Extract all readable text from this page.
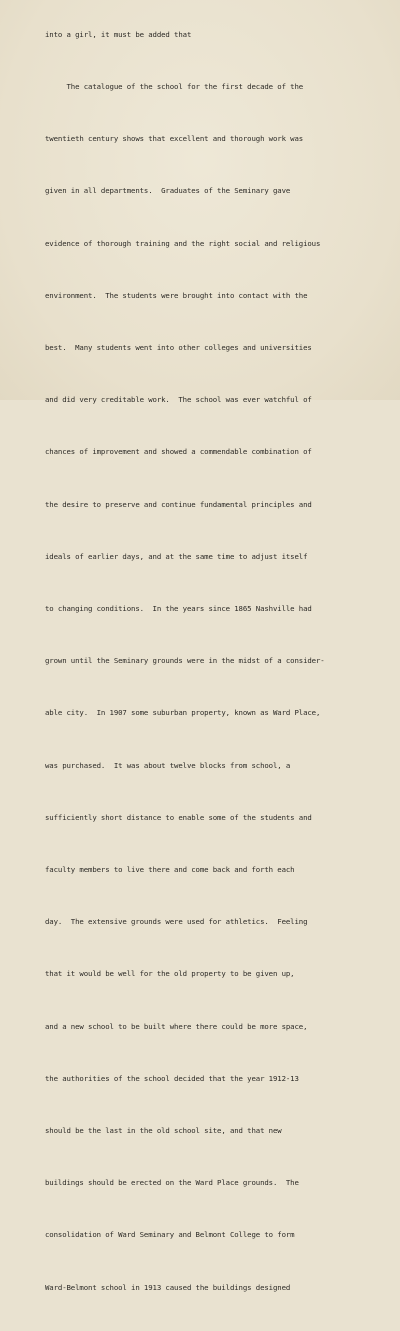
into a girl, it must be added that

The catalogue of the school for the first decade of the

twentieth century shows that excellent and thorough work was

given in all departments.  Graduates of the Seminary gave

evidence of thorough training and the right social and religious

environment.  The students were brought into contact with the

best.  Many students went into other colleges and universities

and did very creditable work.  The school was ever watchful of

chances of improvement and showed a commendable combination of

the desire to preserve and continue fundamental principles and

ideals of earlier days, and at the same time to adjust itself

to changing conditions.  In the years since 1865 Nashville had

grown until the Seminary grounds were in the midst of a consider-

able city.  In 1907 some suburban property, known as Ward Place,

was purchased.  It was about twelve blocks from school, a

sufficiently short distance to enable some of the students and

faculty members to live there and come back and forth each

day.  The extensive grounds were used for athletics.  Feeling

that it would be well for the old property to be given up,

and a new school to be built where there could be more space,

the authorities of the school decided that the year 1912-13

should be the last in the old school site, and that new

buildings should be erected on the Ward Place grounds.  The

consolidation of Ward Seminary and Belmont College to form

Ward-Belmont school in 1913 caused the buildings designed
